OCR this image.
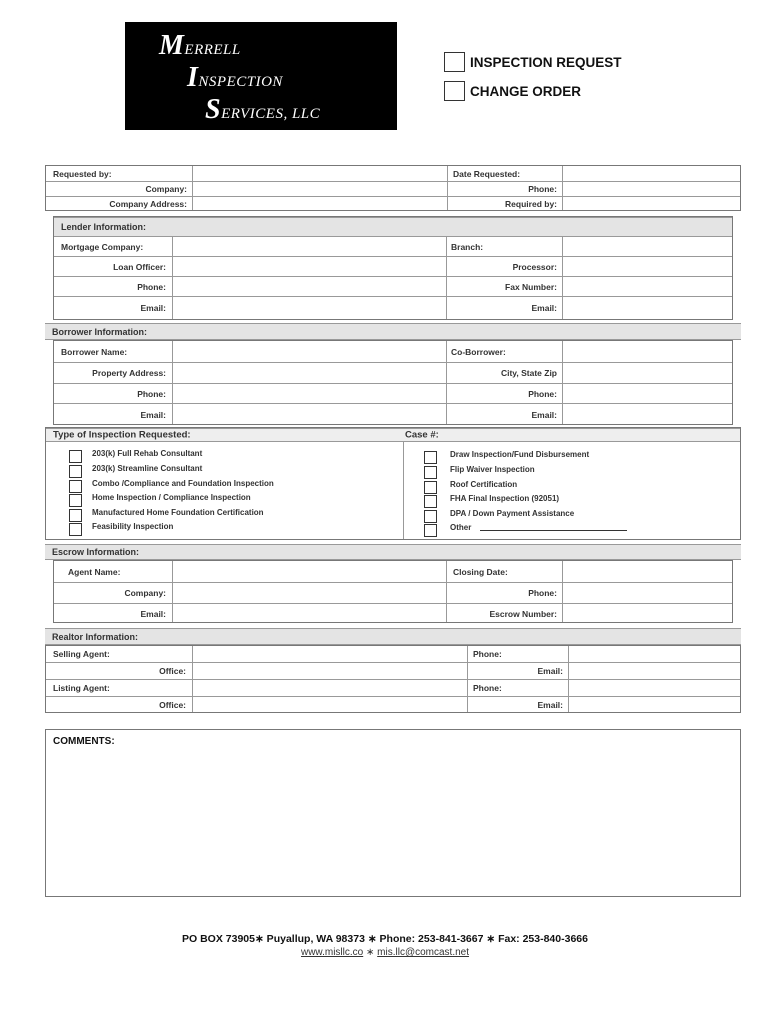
MERRELL
INSPECTION
SERVICES, LLC
INSPECTION REQUEST
CHANGE ORDER
Requested by:
Company:
Company Address:
Date Requested:
Phone:
Required by:
Lender Information:
Mortgage Company:
Loan Officer:
Phone:
Email:
Branch:
Processor:
Fax Number:
Email:
Borrower Information:
Borrower Name:
Property Address:
Phone:
Email:
Co-Borrower:
City, State Zip
Phone:
Email:
Type of Inspection Requested:	Case #:
203(k) Full Rehab Consultant
203(k) Streamline Consultant
Combo /Compliance and Foundation Inspection
Home Inspection / Compliance Inspection
Manufactured Home Foundation Certification
Feasibility Inspection
Draw Inspection/Fund Disbursement
Flip Waiver Inspection
Roof Certification
FHA Final Inspection (92051)
DPA / Down Payment Assistance
Other
Escrow Information:
Agent Name:
Company:
Email:
Closing Date:
Phone:
Escrow Number:
Realtor Information:
Selling Agent:
Office:
Listing Agent:
Office:
Phone:
Email:
Phone:
Email:
COMMENTS:
PO BOX 73905∗ Puyallup, WA 98373 ∗ Phone: 253-841-3667 ∗ Fax: 253-840-3666
www.misllc.co ∗ mis.llc@comcast.net
